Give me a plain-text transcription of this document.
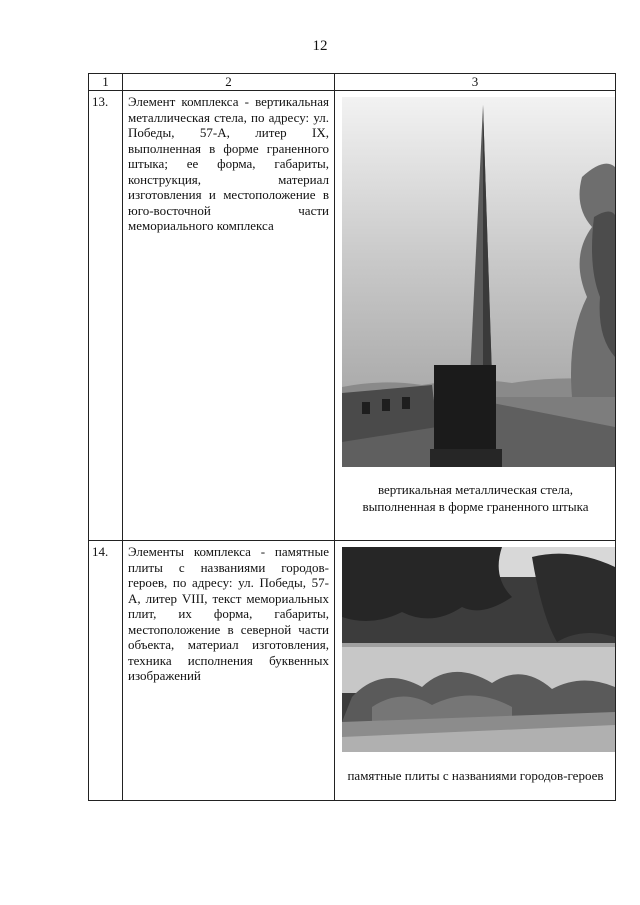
12
1	2	3
13.	Элемент комплекса - вертикальная металлическая стела, по адресу: ул. Победы, 57-А, литер IX, выполненная в форме граненного штыка; ее форма, габариты, конструкция, материал изготовления и местоположение в юго-восточной части мемориального комплекса	вертикальная металлическая стела, выполненная в форме граненного штыка

14.	Элементы комплекса - памятные плиты с названиями городов-героев, по адресу: ул. Победы, 57-А, литер VIII, текст мемориальных плит, их форма, габариты, местоположение в северной части объекта, материал изготовления, техника исполнения буквенных изображений	памятные плиты с названиями городов-героев
